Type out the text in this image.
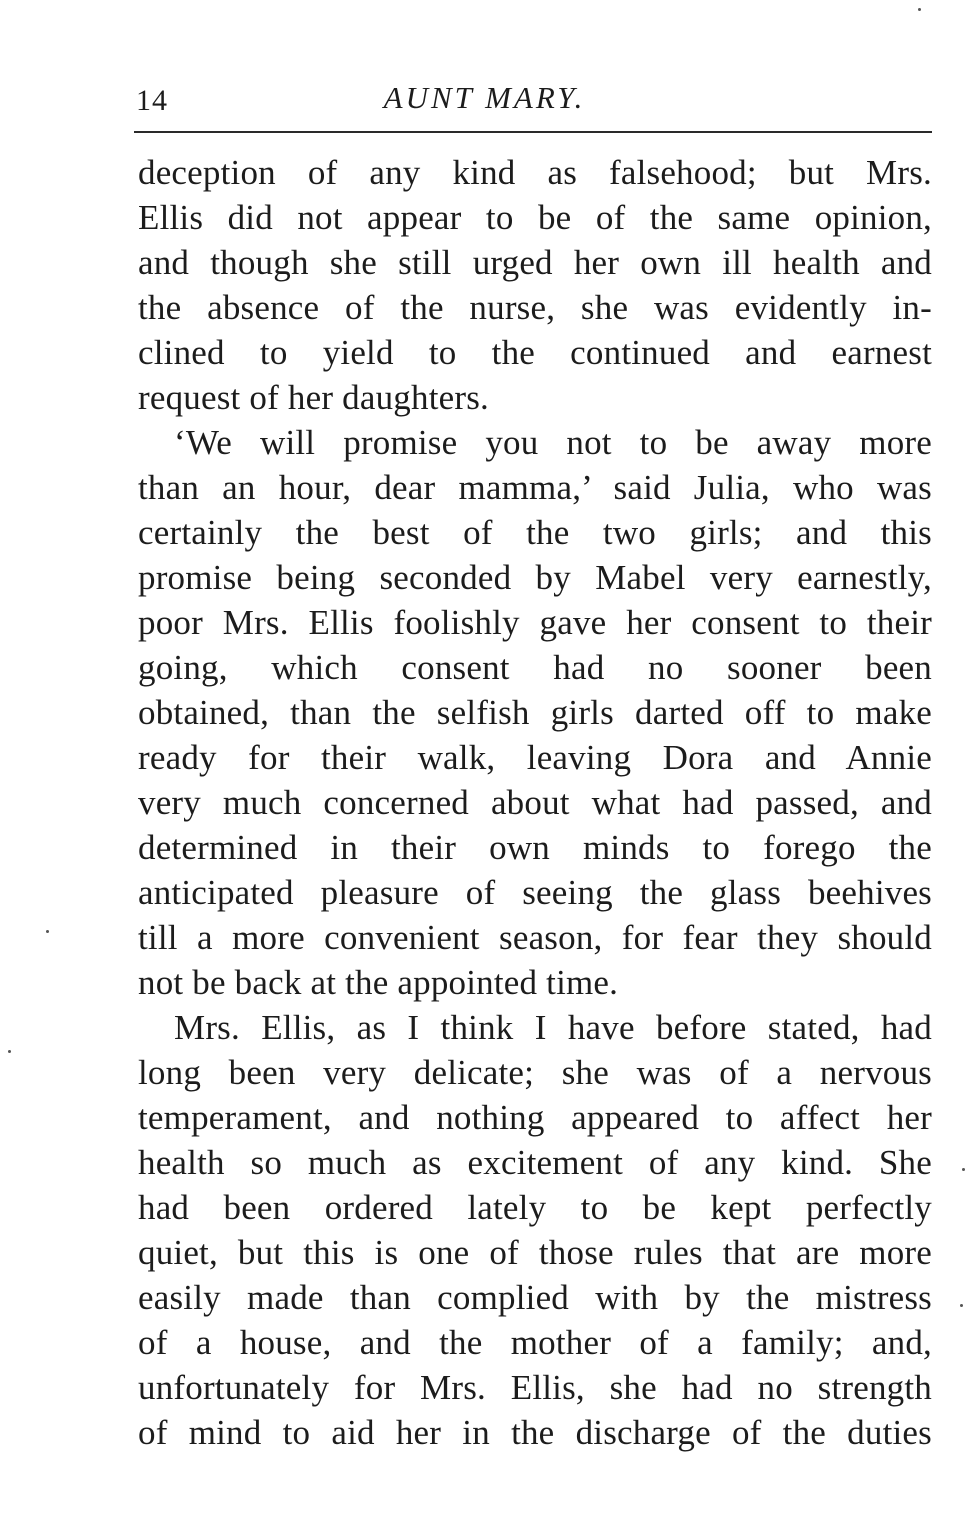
14	AUNT MARY.
deception of any kind as falsehood; but Mrs.
Ellis did not appear to be of the same opinion,
and though she still urged her own ill health and
the absence of the nurse, she was evidently in-
clined to yield to the continued and earnest
request of her daughters.
‘We will promise you not to be away more
than an hour, dear mamma,’ said Julia, who was
certainly the best of the two girls; and this
promise being seconded by Mabel very earnestly,
poor Mrs. Ellis foolishly gave her consent to their
going, which consent had no sooner been
obtained, than the selfish girls darted off to make
ready for their walk, leaving Dora and Annie
very much concerned about what had passed, and
determined in their own minds to forego the
anticipated pleasure of seeing the glass beehives
till a more convenient season, for fear they should
not be back at the appointed time.
Mrs. Ellis, as I think I have before stated, had
long been very delicate; she was of a nervous
temperament, and nothing appeared to affect her
health so much as excitement of any kind. She
had been ordered lately to be kept perfectly
quiet, but this is one of those rules that are more
easily made than complied with by the mistress
of a house, and the mother of a family; and,
unfortunately for Mrs. Ellis, she had no strength
of mind to aid her in the discharge of the duties
